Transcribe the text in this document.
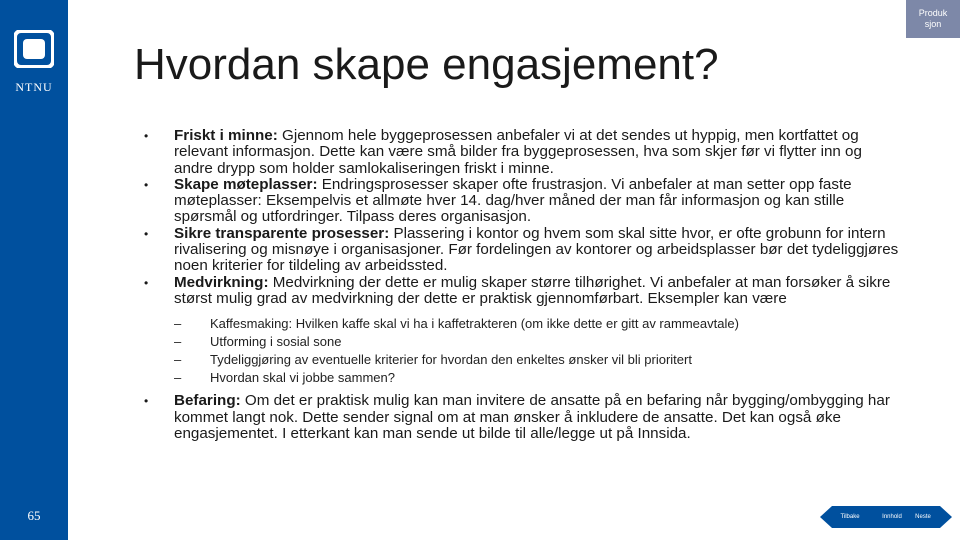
NTNU
65
Produk sjon
Hvordan skape engasjement?
•	Friskt i minne: Gjennom hele byggeprosessen anbefaler vi at det sendes ut hyppig, men kortfattet og relevant informasjon. Dette kan være små bilder fra byggeprosessen, hva som skjer før vi flytter inn og andre drypp som holder samlokaliseringen friskt i minne.
•	Skape møteplasser: Endringsprosesser skaper ofte frustrasjon. Vi anbefaler at man setter opp faste møteplasser: Eksempelvis et allmøte hver 14. dag/hver måned der man får informasjon og kan stille spørsmål og utfordringer. Tilpass deres organisasjon.
•	Sikre transparente prosesser: Plassering i kontor og hvem som skal sitte hvor, er ofte grobunn for intern rivalisering og misnøye i organisasjoner. Før fordelingen av kontorer og arbeidsplasser bør det tydeliggjøres noen kriterier for tildeling av arbeidssted.
•	Medvirkning: Medvirkning der dette er mulig skaper større tilhørighet. Vi anbefaler at man forsøker å sikre størst mulig grad av medvirkning der dette er praktisk gjennomførbart. Eksempler kan være
–	Kaffesmaking: Hvilken kaffe skal vi ha i kaffetrakteren (om ikke dette er gitt av rammeavtale)
–	Utforming i sosial sone
–	Tydeliggjøring av eventuelle kriterier for hvordan den enkeltes ønsker vil bli prioritert
–	Hvordan skal vi jobbe sammen?
•	Befaring: Om det er praktisk mulig kan man invitere de ansatte på en befaring når bygging/ombygging har kommet langt nok. Dette sender signal om at man ønsker å inkludere de ansatte. Det kan også øke engasjementet. I etterkant kan man sende ut bilde til alle/legge ut på Innsida.
Tilbake	Innhold Neste
